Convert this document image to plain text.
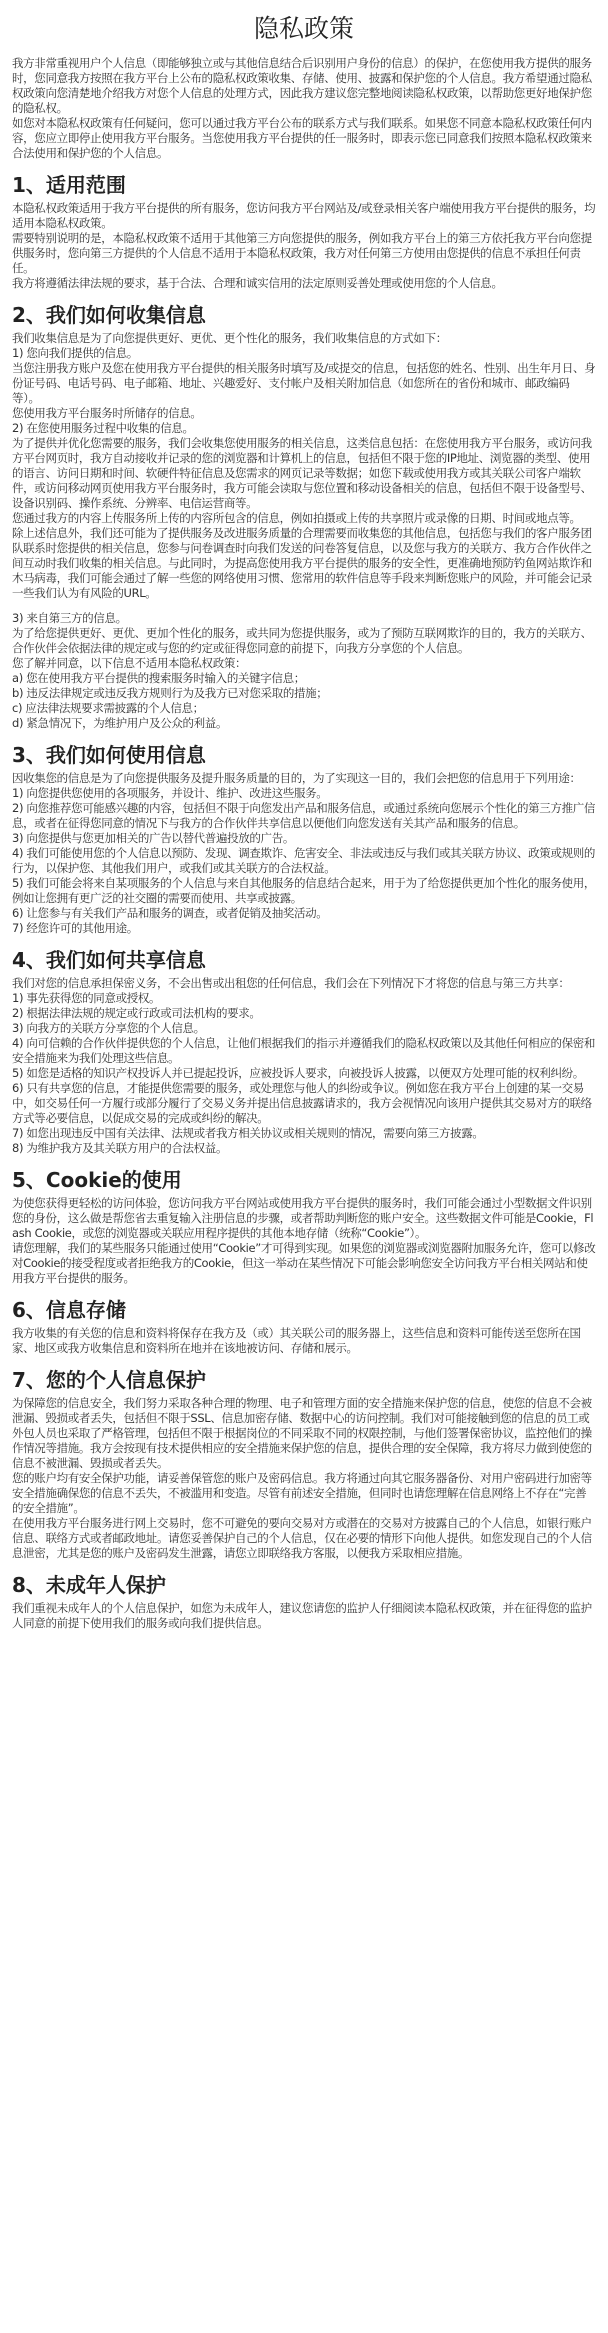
隐私政策

我方非常重视用户个人信息（即能够独立或与其他信息结合后识别用户身份的信息）的保护，在您使用我方提供的服务时，您同意我方按照在我方平台上公布的隐私权政策收集、存储、使用、披露和保护您的个人信息。我方希望通过隐私权政策向您清楚地介绍我方对您个人信息的处理方式，因此我方建议您完整地阅读隐私权政策，以帮助您更好地保护您的隐私权。

如您对本隐私权政策有任何疑问，您可以通过我方平台公布的联系方式与我们联系。如果您不同意本隐私权政策任何内容，您应立即停止使用我方平台服务。当您使用我方平台提供的任一服务时，即表示您已同意我们按照本隐私权政策来合法使用和保护您的个人信息。

1、适用范围

本隐私权政策适用于我方平台提供的所有服务，您访问我方平台网站及/或登录相关客户端使用我方平台提供的服务，均适用本隐私权政策。

需要特别说明的是，本隐私权政策不适用于其他第三方向您提供的服务，例如我方平台上的第三方依托我方平台向您提供服务时，您向第三方提供的个人信息不适用于本隐私权政策，我方对任何第三方使用由您提供的信息不承担任何责任。

我方将遵循法律法规的要求，基于合法、合理和诚实信用的法定原则妥善处理或使用您的个人信息。

2、我们如何收集信息

我们收集信息是为了向您提供更好、更优、更个性化的服务，我们收集信息的方式如下：

1) 您向我们提供的信息。

当您注册我方账户及您在使用我方平台提供的相关服务时填写及/或提交的信息，包括您的姓名、性别、出生年月日、身份证号码、电话号码、电子邮箱、地址、兴趣爱好、支付帐户及相关附加信息（如您所在的省份和城市、邮政编码等）。

您使用我方平台服务时所储存的信息。

2) 在您使用服务过程中收集的信息。

为了提供并优化您需要的服务，我们会收集您使用服务的相关信息，这类信息包括：在您使用我方平台服务，或访问我方平台网页时，我方自动接收并记录的您的浏览器和计算机上的信息，包括但不限于您的IP地址、浏览器的类型、使用的语言、访问日期和时间、软硬件特征信息及您需求的网页记录等数据；如您下载或使用我方或其关联公司客户端软件，或访问移动网页使用我方平台服务时，我方可能会读取与您位置和移动设备相关的信息，包括但不限于设备型号、设备识别码、操作系统、分辨率、电信运营商等。

您通过我方的内容上传服务所上传的内容所包含的信息，例如拍摄或上传的共享照片或录像的日期、时间或地点等。

除上述信息外，我们还可能为了提供服务及改进服务质量的合理需要而收集您的其他信息，包括您与我们的客户服务团队联系时您提供的相关信息，您参与问卷调查时向我们发送的问卷答复信息，以及您与我方的关联方、我方合作伙伴之间互动时我们收集的相关信息。与此同时，为提高您使用我方平台提供的服务的安全性，更准确地预防钓鱼网站欺诈和木马病毒，我们可能会通过了解一些您的网络使用习惯、您常用的软件信息等手段来判断您账户的风险，并可能会记录一些我们认为有风险的URL。

3) 来自第三方的信息。

为了给您提供更好、更优、更加个性化的服务，或共同为您提供服务，或为了预防互联网欺诈的目的，我方的关联方、合作伙伴会依据法律的规定或与您的约定或征得您同意的前提下，向我方分享您的个人信息。

您了解并同意，以下信息不适用本隐私权政策：

a) 您在使用我方平台提供的搜索服务时输入的关键字信息；

b) 违反法律规定或违反我方规则行为及我方已对您采取的措施；

c) 应法律法规要求需披露的个人信息；

d) 紧急情况下，为维护用户及公众的利益。

3、我们如何使用信息

因收集您的信息是为了向您提供服务及提升服务质量的目的，为了实现这一目的，我们会把您的信息用于下列用途：

1) 向您提供您使用的各项服务，并设计、维护、改进这些服务。

2) 向您推荐您可能感兴趣的内容，包括但不限于向您发出产品和服务信息，或通过系统向您展示个性化的第三方推广信息，或者在征得您同意的情况下与我方的合作伙伴共享信息以便他们向您发送有关其产品和服务的信息。

3) 向您提供与您更加相关的广告以替代普遍投放的广告。

4) 我们可能使用您的个人信息以预防、发现、调查欺诈、危害安全、非法或违反与我们或其关联方协议、政策或规则的行为，以保护您、其他我们用户，或我们或其关联方的合法权益。

5) 我们可能会将来自某项服务的个人信息与来自其他服务的信息结合起来，用于为了给您提供更加个性化的服务使用，例如让您拥有更广泛的社交圈的需要而使用、共享或披露。

6) 让您参与有关我们产品和服务的调查，或者促销及抽奖活动。

7) 经您许可的其他用途。

4、我们如何共享信息

我们对您的信息承担保密义务，不会出售或出租您的任何信息，我们会在下列情况下才将您的信息与第三方共享：

1) 事先获得您的同意或授权。

2) 根据法律法规的规定或行政或司法机构的要求。

3) 向我方的关联方分享您的个人信息。

4) 向可信赖的合作伙伴提供您的个人信息，让他们根据我们的指示并遵循我们的隐私权政策以及其他任何相应的保密和安全措施来为我们处理这些信息。

5) 如您是适格的知识产权投诉人并已提起投诉，应被投诉人要求，向被投诉人披露，以便双方处理可能的权利纠纷。

6) 只有共享您的信息，才能提供您需要的服务，或处理您与他人的纠纷或争议。例如您在我方平台上创建的某一交易中，如交易任何一方履行或部分履行了交易义务并提出信息披露请求的，我方会视情况向该用户提供其交易对方的联络方式等必要信息，以促成交易的完成或纠纷的解决。

7) 如您出现违反中国有关法律、法规或者我方相关协议或相关规则的情况，需要向第三方披露。

8) 为维护我方及其关联方用户的合法权益。

5、Cookie的使用

为使您获得更轻松的访问体验，您访问我方平台网站或使用我方平台提供的服务时，我们可能会通过小型数据文件识别您的身份，这么做是帮您省去重复输入注册信息的步骤，或者帮助判断您的账户安全。这些数据文件可能是Cookie，Flash Cookie，或您的浏览器或关联应用程序提供的其他本地存储（统称“Cookie”）。

请您理解，我们的某些服务只能通过使用“Cookie”才可得到实现。如果您的浏览器或浏览器附加服务允许，您可以修改对Cookie的接受程度或者拒绝我方的Cookie，但这一举动在某些情况下可能会影响您安全访问我方平台相关网站和使用我方平台提供的服务。

6、信息存储

我方收集的有关您的信息和资料将保存在我方及（或）其关联公司的服务器上，这些信息和资料可能传送至您所在国家、地区或我方收集信息和资料所在地并在该地被访问、存储和展示。

7、您的个人信息保护

为保障您的信息安全，我们努力采取各种合理的物理、电子和管理方面的安全措施来保护您的信息，使您的信息不会被泄漏、毁损或者丢失，包括但不限于SSL、信息加密存储、数据中心的访问控制。我们对可能接触到您的信息的员工或外包人员也采取了严格管理，包括但不限于根据岗位的不同采取不同的权限控制，与他们签署保密协议，监控他们的操作情况等措施。我方会按现有技术提供相应的安全措施来保护您的信息，提供合理的安全保障，我方将尽力做到使您的信息不被泄漏、毁损或者丢失。

您的账户均有安全保护功能，请妥善保管您的账户及密码信息。我方将通过向其它服务器备份、对用户密码进行加密等安全措施确保您的信息不丢失，不被滥用和变造。尽管有前述安全措施，但同时也请您理解在信息网络上不存在“完善的安全措施”。

在使用我方平台服务进行网上交易时，您不可避免的要向交易对方或潜在的交易对方披露自己的个人信息，如银行账户信息、联络方式或者邮政地址。请您妥善保护自己的个人信息，仅在必要的情形下向他人提供。如您发现自己的个人信息泄密，尤其是您的账户及密码发生泄露，请您立即联络我方客服，以便我方采取相应措施。

8、未成年人保护

我们重视未成年人的个人信息保护，如您为未成年人，建议您请您的监护人仔细阅读本隐私权政策，并在征得您的监护人同意的前提下使用我们的服务或向我们提供信息。
